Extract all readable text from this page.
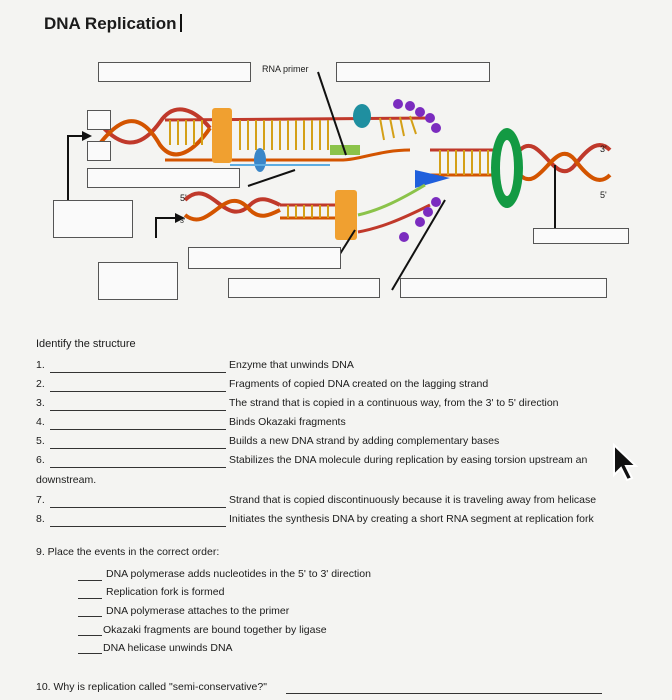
DNA Replication
RNA primer
5'
3'
3'
5'
Identify the structure
1.	Enzyme that unwinds DNA
2.	Fragments of copied DNA created on the lagging strand
3.	The strand that is copied in a continuous way, from the 3' to 5' direction
4.	Binds Okazaki fragments
5.	Builds a new DNA strand by adding complementary bases
6.	Stabilizes the DNA molecule during replication by easing torsion upstream an
downstream.
7.	Strand that is copied discontinuously because it is traveling away from helicase
8.	Initiates the synthesis DNA by creating a short RNA segment at replication fork
9. Place the events in the correct order:
DNA polymerase adds nucleotides in the 5' to 3' direction
Replication fork is formed
DNA polymerase attaches to the primer
Okazaki fragments are bound together by ligase
DNA helicase unwinds DNA
10. Why is replication called "semi-conservative?"
